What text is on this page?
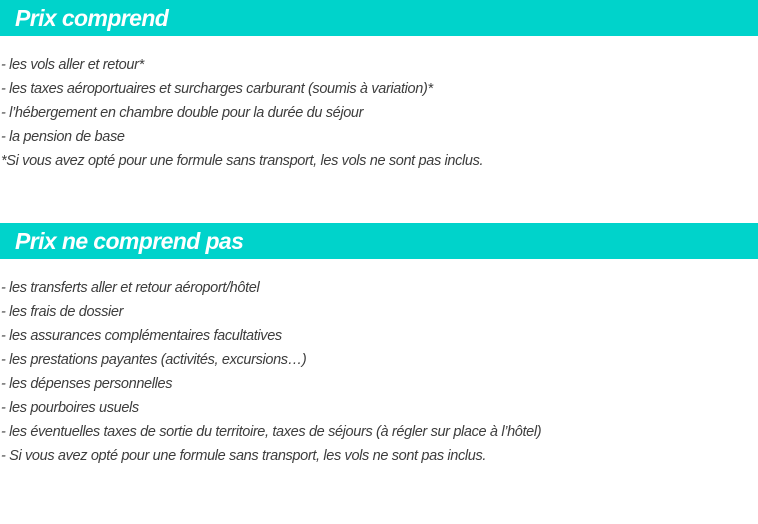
Prix comprend
- les vols aller et retour*
- les taxes aéroportuaires et surcharges carburant (soumis à variation)*
- l’hébergement en chambre double pour la durée du séjour
- la pension de base
*Si vous avez opté pour une formule sans transport, les vols ne sont pas inclus.
Prix ne comprend pas
- les transferts aller et retour aéroport/hôtel
- les frais de dossier
- les assurances complémentaires facultatives
- les prestations payantes (activités, excursions…)
- les dépenses personnelles
- les pourboires usuels
- les éventuelles taxes de sortie du territoire, taxes de séjours (à régler sur place à l’hôtel)
- Si vous avez opté pour une formule sans transport, les vols ne sont pas inclus.
